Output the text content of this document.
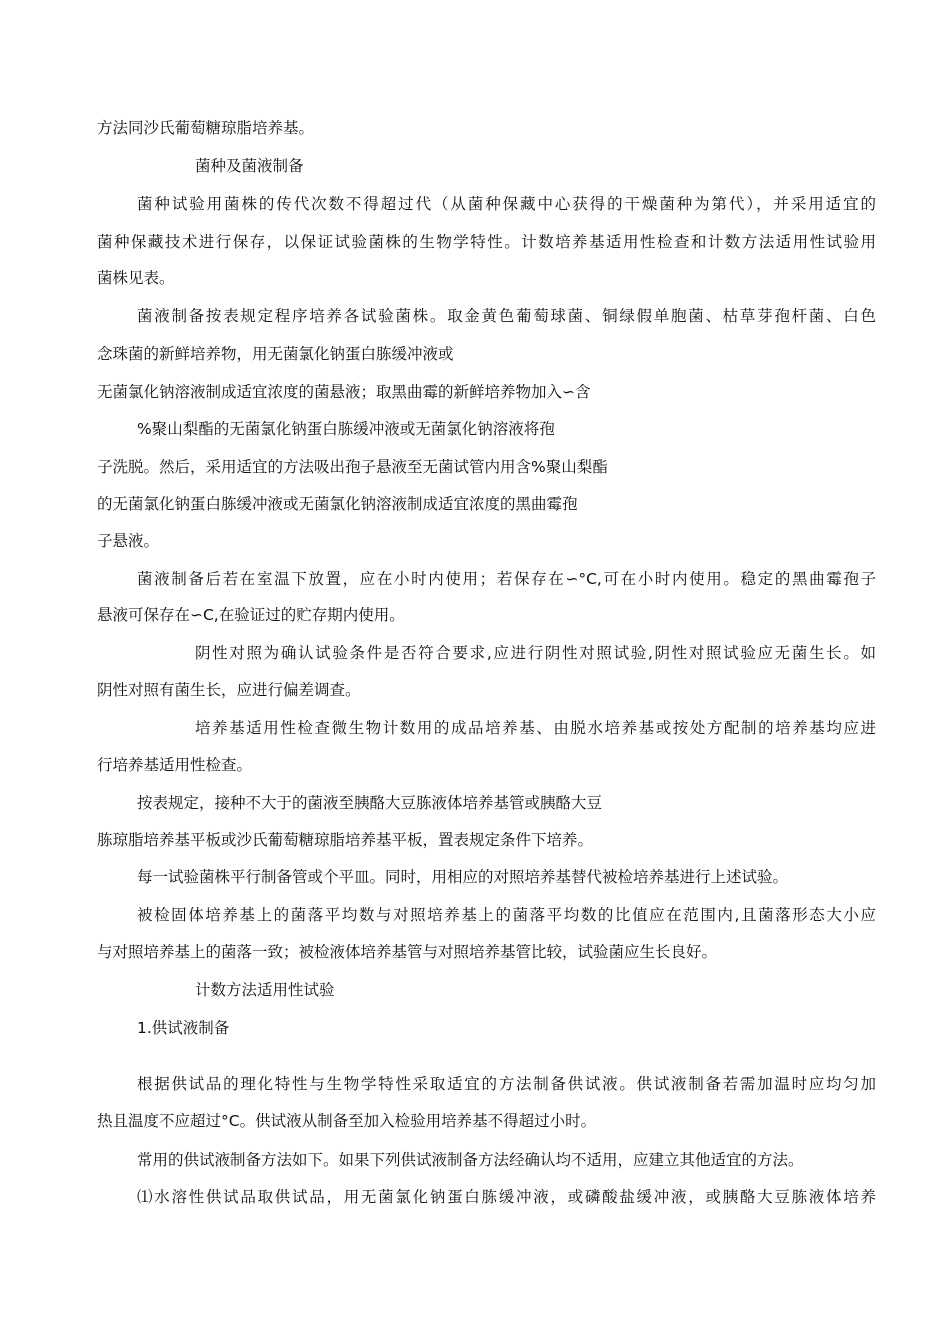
方法同沙氏葡萄糖琼脂培养基。

菌种及菌液制备

菌种试验用菌株的传代次数不得超过代（从菌种保藏中心获得的干燥菌种为第代），并采用适宜的

菌种保藏技术进行保存，以保证试验菌株的生物学特性。计数培养基适用性检查和计数方法适用性试验用

菌株见表。

菌液制备按表规定程序培养各试验菌株。取金黄色葡萄球菌、铜绿假单胞菌、枯草芽孢杆菌、白色

念珠菌的新鲜培养物，用无菌氯化钠蛋白胨缓冲液或

无菌氯化钠溶液制成适宜浓度的菌悬液；取黑曲霉的新鲜培养物加入∽含

%聚山梨酯的无菌氯化钠蛋白胨缓冲液或无菌氯化钠溶液将孢

子洗脱。然后，采用适宜的方法吸出孢子悬液至无菌试管内用含%聚山梨酯

的无菌氯化钠蛋白胨缓冲液或无菌氯化钠溶液制成适宜浓度的黑曲霉孢

子悬液。

菌液制备后若在室温下放置，应在小时内使用；若保存在∽°C,可在小时内使用。稳定的黑曲霉孢子

悬液可保存在∽C,在验证过的贮存期内使用。

阴性对照为确认试验条件是否符合要求,应进行阴性对照试验,阴性对照试验应无菌生长。如

阴性对照有菌生长，应进行偏差调查。

培养基适用性检查微生物计数用的成品培养基、由脱水培养基或按处方配制的培养基均应进

行培养基适用性检查。

按表规定，接种不大于的菌液至胰酪大豆胨液体培养基管或胰酪大豆

胨琼脂培养基平板或沙氏葡萄糖琼脂培养基平板，置表规定条件下培养。

每一试验菌株平行制备管或个平皿。同时，用相应的对照培养基替代被检培养基进行上述试验。

被检固体培养基上的菌落平均数与对照培养基上的菌落平均数的比值应在范围内,且菌落形态大小应

与对照培养基上的菌落一致；被检液体培养基管与对照培养基管比较，试验菌应生长良好。

计数方法适用性试验

1.供试液制备

根据供试品的理化特性与生物学特性采取适宜的方法制备供试液。供试液制备若需加温时应均匀加

热且温度不应超过°C。供试液从制备至加入检验用培养基不得超过小时。

常用的供试液制备方法如下。如果下列供试液制备方法经确认均不适用，应建立其他适宜的方法。

⑴水溶性供试品取供试品，用无菌氯化钠蛋白胨缓冲液，或磷酸盐缓冲液，或胰酪大豆胨液体培养
